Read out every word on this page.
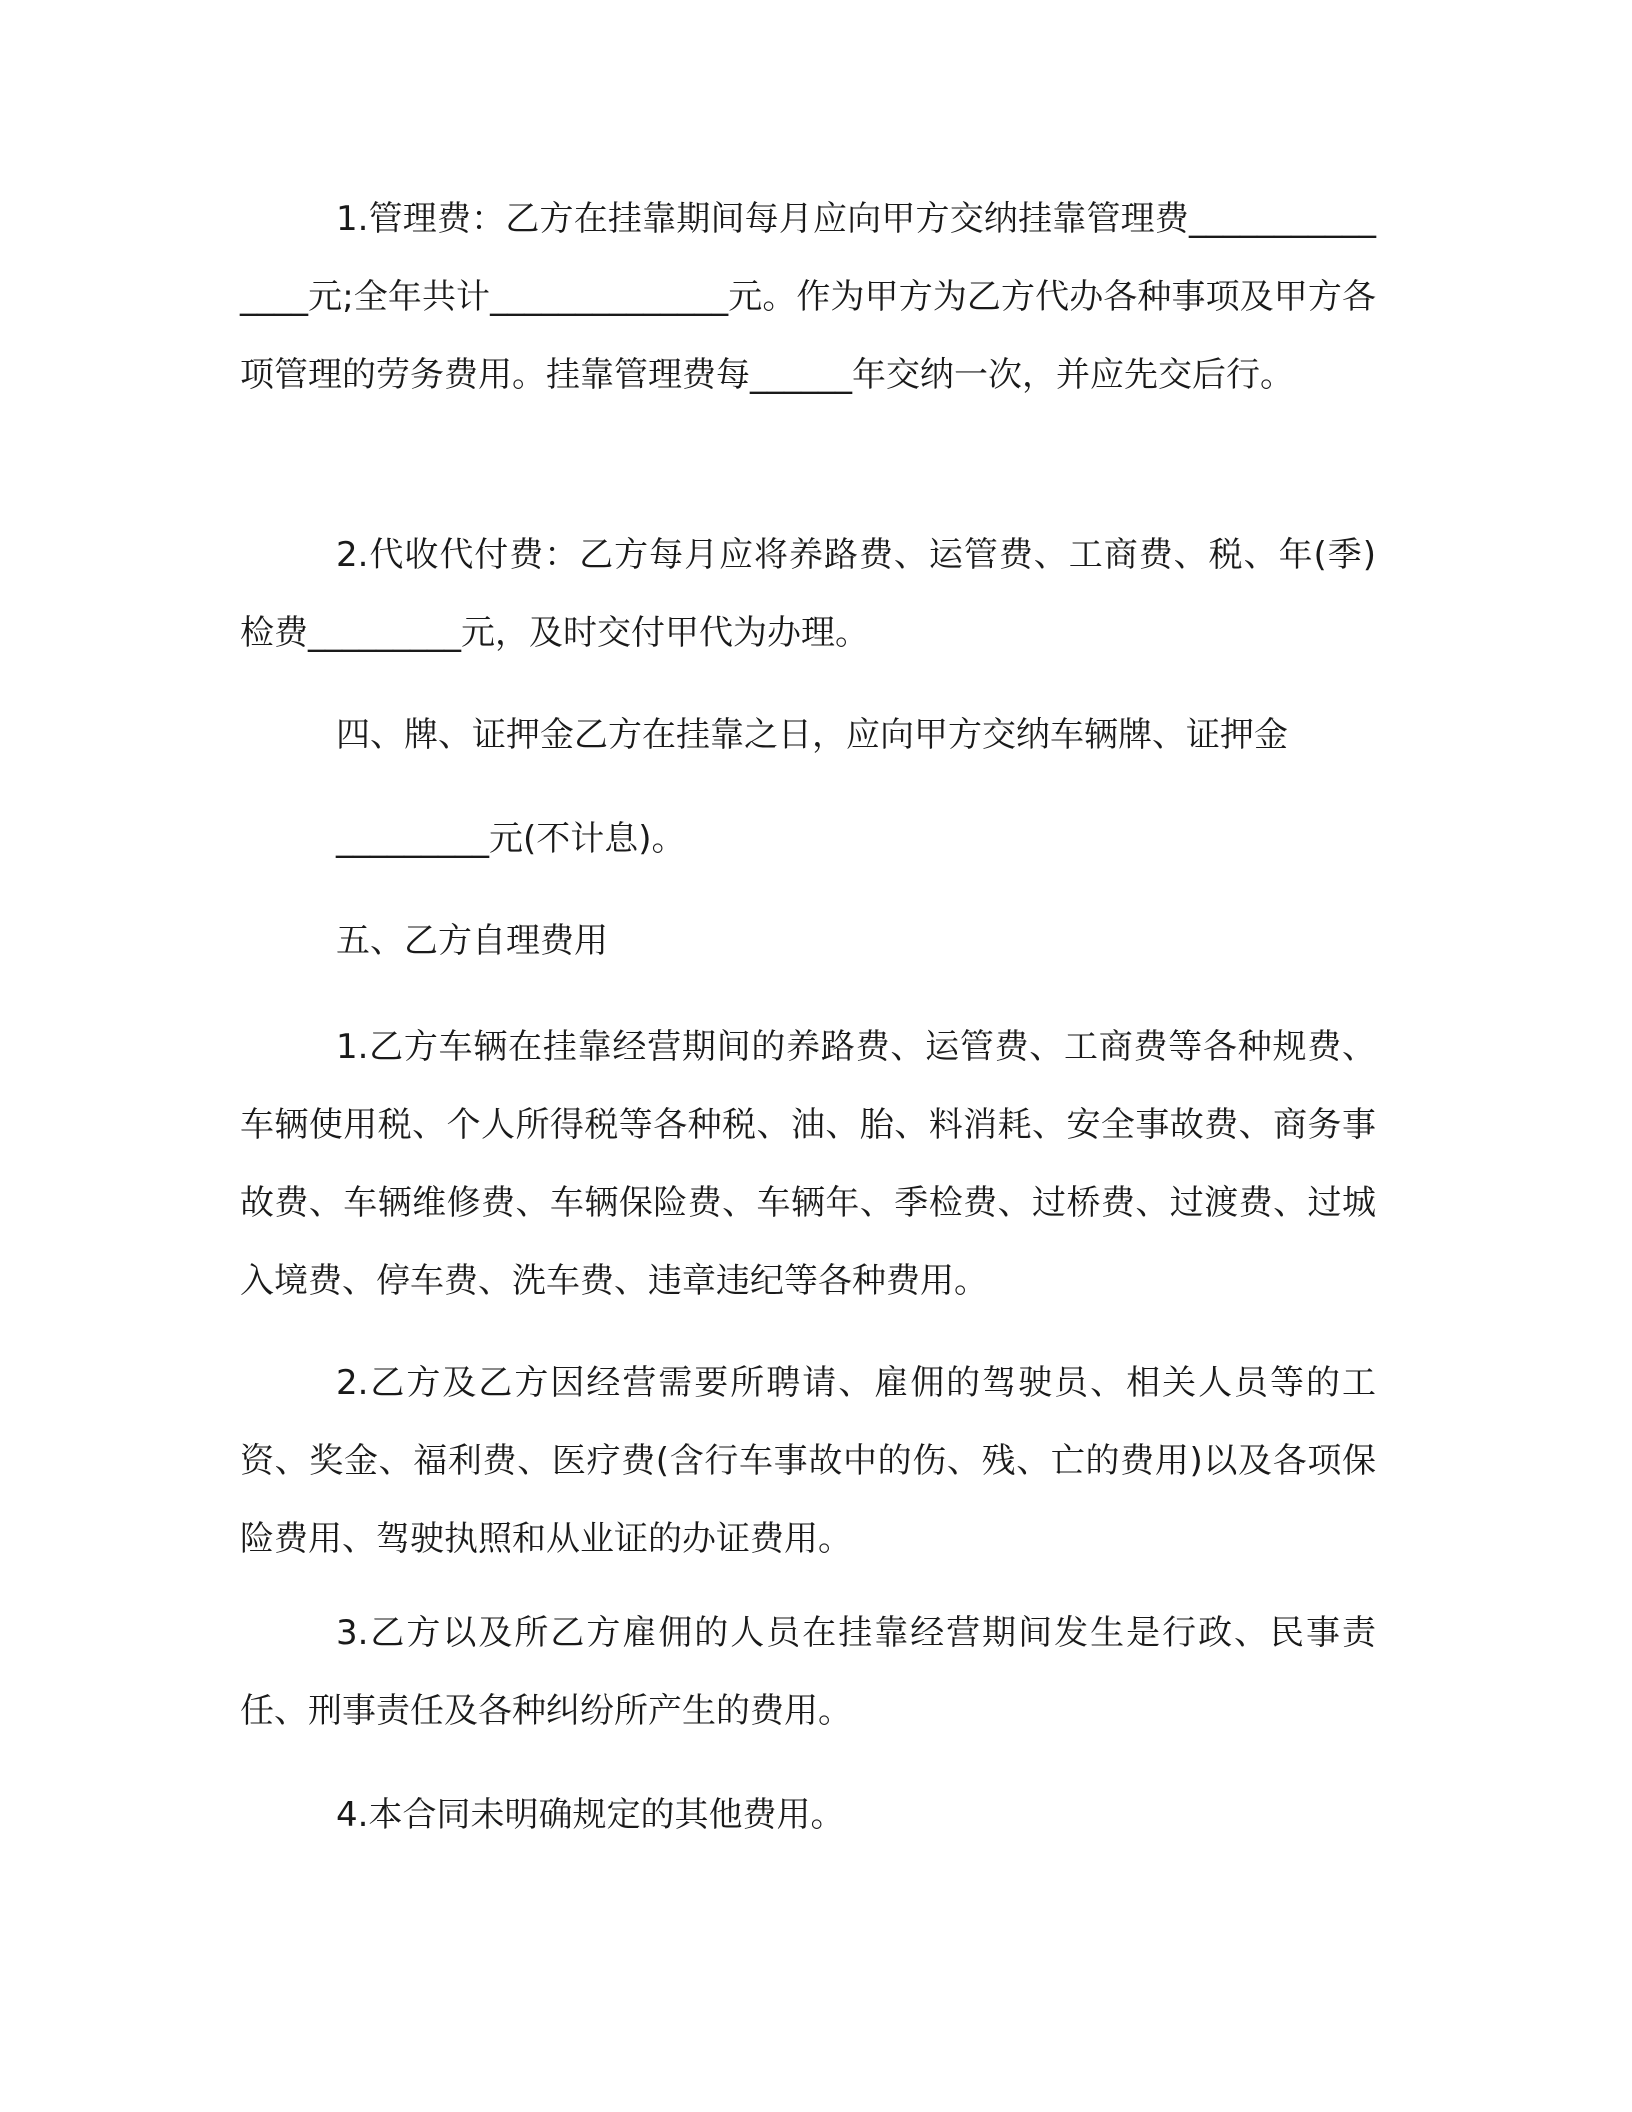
1.管理费：乙方在挂靠期间每月应向甲方交纳挂靠管理费_______________元;全年共计______________元。作为甲方为乙方代办各种事项及甲方各项管理的劳务费用。挂靠管理费每______年交纳一次，并应先交后行。

2.代收代付费：乙方每月应将养路费、运管费、工商费、税、年(季)检费_________元，及时交付甲代为办理。

四、牌、证押金乙方在挂靠之日，应向甲方交纳车辆牌、证押金

_________元(不计息)。

五、乙方自理费用

1.乙方车辆在挂靠经营期间的养路费、运管费、工商费等各种规费、车辆使用税、个人所得税等各种税、油、胎、料消耗、安全事故费、商务事故费、车辆维修费、车辆保险费、车辆年、季检费、过桥费、过渡费、过城入境费、停车费、洗车费、违章违纪等各种费用。

2.乙方及乙方因经营需要所聘请、雇佣的驾驶员、相关人员等的工资、奖金、福利费、医疗费(含行车事故中的伤、残、亡的费用)以及各项保险费用、驾驶执照和从业证的办证费用。

3.乙方以及所乙方雇佣的人员在挂靠经营期间发生是行政、民事责任、刑事责任及各种纠纷所产生的费用。

4.本合同未明确规定的其他费用。
